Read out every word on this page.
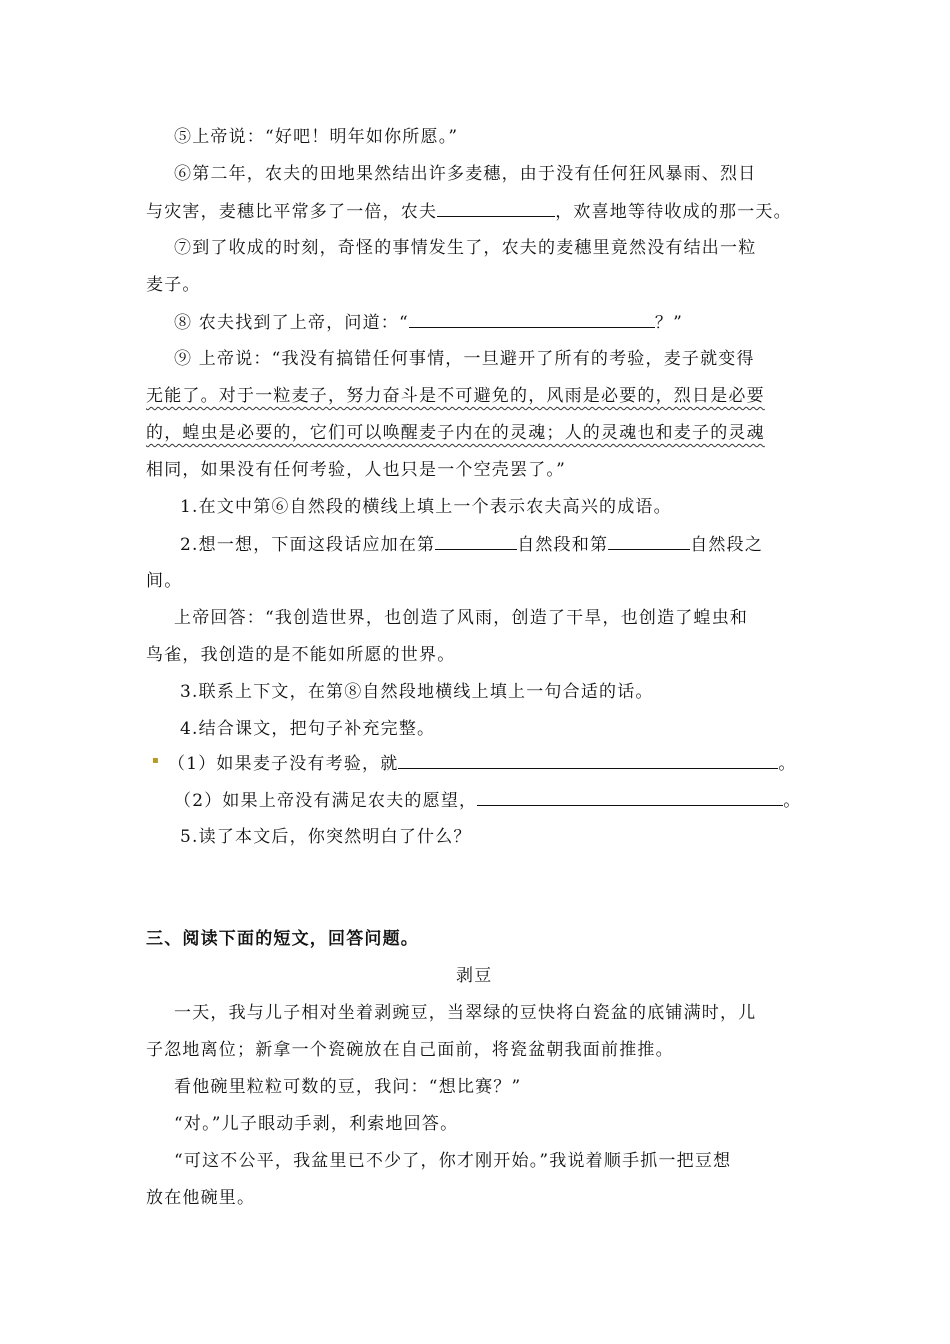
⑤上帝说：“好吧！明年如你所愿。”
⑥第二年，农夫的田地果然结出许多麦穗，由于没有任何狂风暴雨、烈日
与灾害，麦穗比平常多了一倍，农夫	，欢喜地等待收成的那一天。
⑦到了收成的时刻，奇怪的事情发生了，农夫的麦穗里竟然没有结出一粒
麦子。
⑧ 农夫找到了上帝，问道：“	？”
⑨ 上帝说：“我没有搞错任何事情，一旦避开了所有的考验，麦子就变得
无能了。对于一粒麦子，努力奋斗是不可避免的，风雨是必要的，烈日是必要
的，蝗虫是必要的，它们可以唤醒麦子内在的灵魂；人的灵魂也和麦子的灵魂
相同，如果没有任何考验，人也只是一个空壳罢了。”
1.在文中第⑥自然段的横线上填上一个表示农夫高兴的成语。
2.想一想，下面这段话应加在第	自然段和第	自然段之
间。
上帝回答：“我创造世界，也创造了风雨，创造了干旱，也创造了蝗虫和
鸟雀，我创造的是不能如所愿的世界。
3.联系上下文，在第⑧自然段地横线上填上一句合适的话。
4.结合课文，把句子补充完整。
▪ （1）如果麦子没有考验，就	。
（2）如果上帝没有满足农夫的愿望，	。
5.读了本文后，你突然明白了什么？
三、阅读下面的短文，回答问题。
剥豆
一天，我与儿子相对坐着剥豌豆，当翠绿的豆快将白瓷盆的底铺满时，儿
子忽地离位；新拿一个瓷碗放在自己面前，将瓷盆朝我面前推推。
看他碗里粒粒可数的豆，我问：“想比赛？”
“对。”儿子眼动手剥，利索地回答。
“可这不公平，我盆里已不少了，你才刚开始。”我说着顺手抓一把豆想
放在他碗里。
